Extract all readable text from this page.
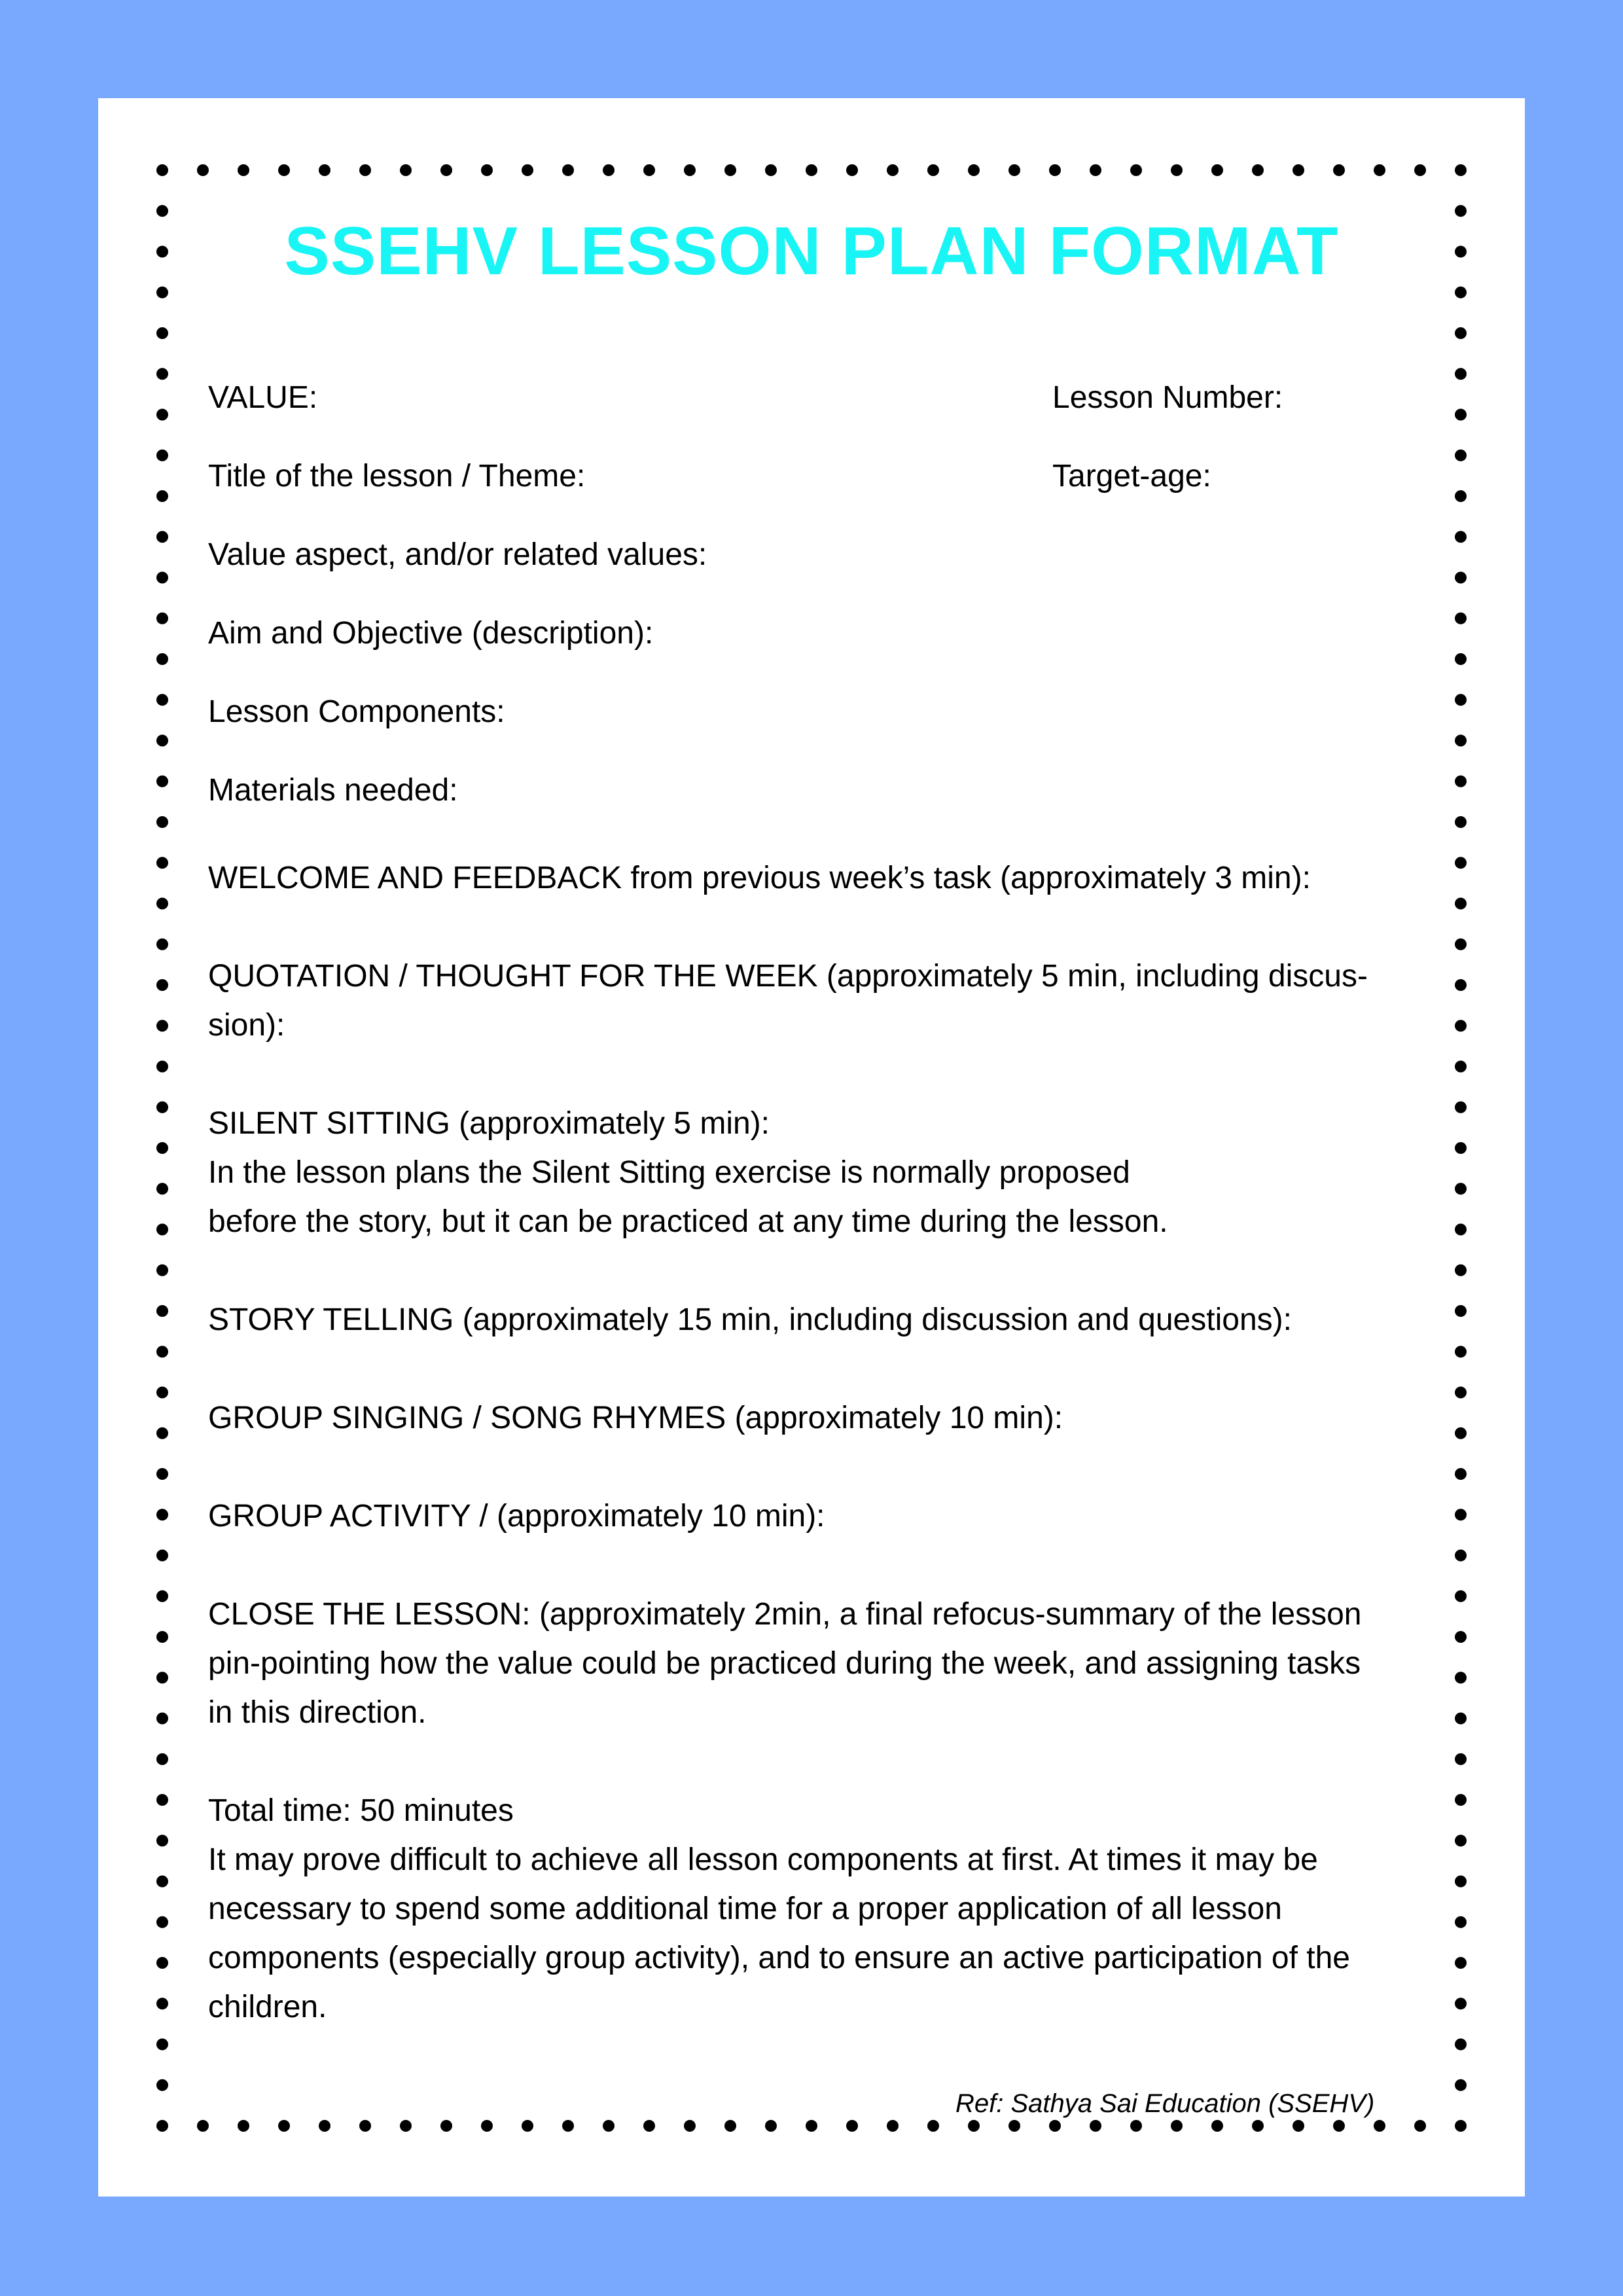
SSEHV LESSON PLAN FORMAT
VALUE:	Lesson Number:
Title of the lesson / Theme:	Target-age:
Value aspect, and/or related values:
Aim and Objective (description):
Lesson Components:
Materials needed:
WELCOME AND FEEDBACK from previous week’s task (approximately 3 min):
QUOTATION / THOUGHT FOR THE WEEK (approximately 5 min, including discus-
sion):
SILENT SITTING (approximately 5 min):
In the lesson plans the Silent Sitting exercise is normally proposed
before the story, but it can be practiced at any time during the lesson.
STORY TELLING (approximately 15 min, including discussion and questions):
GROUP SINGING / SONG RHYMES (approximately 10 min):
GROUP ACTIVITY / (approximately 10 min):
CLOSE THE LESSON: (approximately 2min, a final refocus-summary of the lesson
pin-pointing how the value could be practiced during the week, and assigning tasks
in this direction.
Total time: 50 minutes
It may prove difficult to achieve all lesson components at first. At times it may be
necessary to spend some additional time for a proper application of all lesson
components (especially group activity), and to ensure an active participation of the
children.
Ref: Sathya Sai Education (SSEHV)
